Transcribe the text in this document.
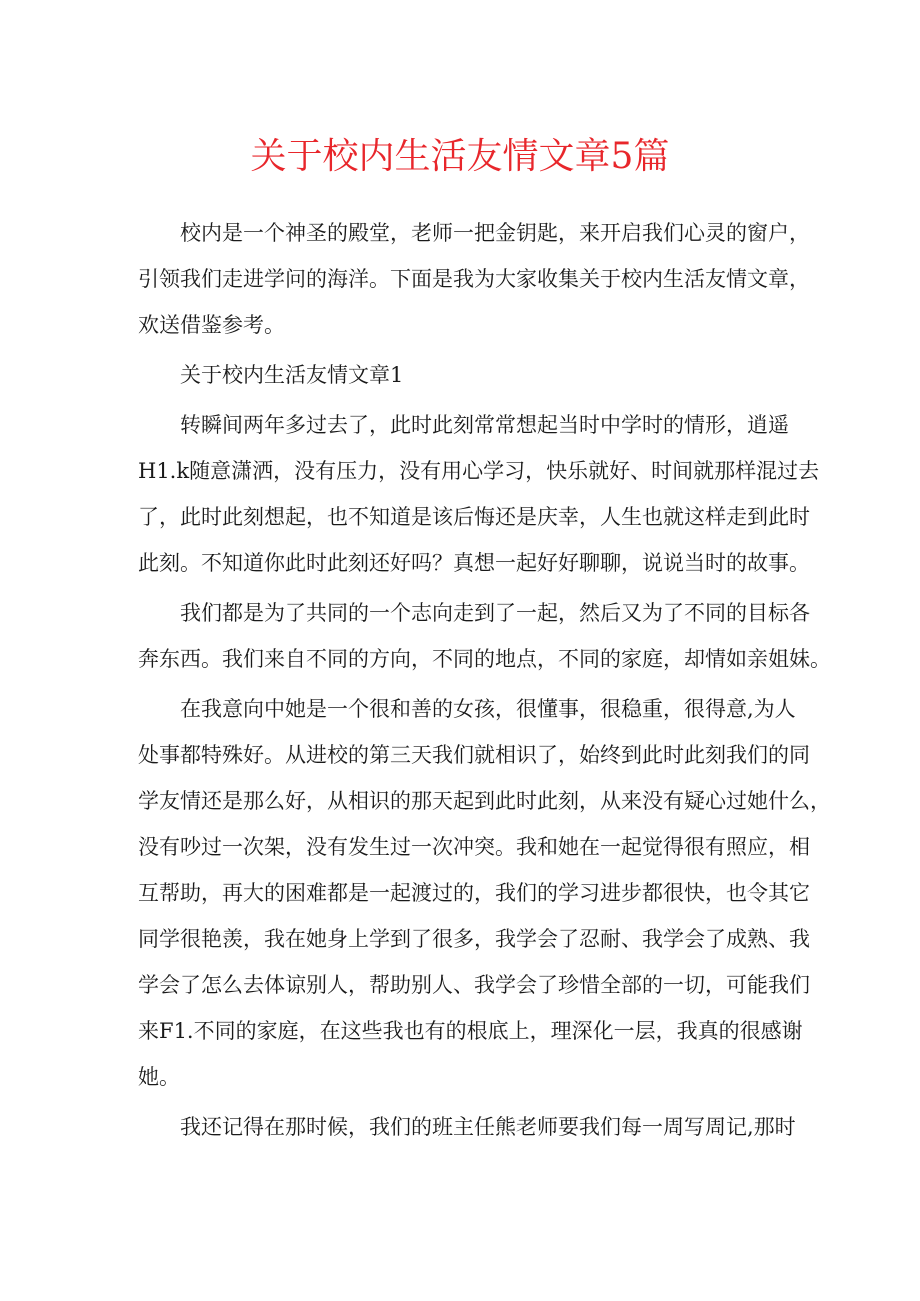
关于校内生活友情文章5篇
校内是一个神圣的殿堂，老师一把金钥匙，来开启我们心灵的窗户，
引领我们走进学问的海洋。下面是我为大家收集关于校内生活友情文章，
欢送借鉴参考。
关于校内生活友情文章1
转瞬间两年多过去了，此时此刻常常想起当时中学时的情形，逍遥
H1.k随意潇洒，没有压力，没有用心学习，快乐就好、时间就那样混过去
了，此时此刻想起，也不知道是该后悔还是庆幸，人生也就这样走到此时
此刻。不知道你此时此刻还好吗？真想一起好好聊聊，说说当时的故事。
我们都是为了共同的一个志向走到了一起，然后又为了不同的目标各
奔东西。我们来自不同的方向，不同的地点，不同的家庭，却情如亲姐妹。
在我意向中她是一个很和善的女孩，很懂事，很稳重，很得意,为人
处事都特殊好。从进校的第三天我们就相识了，始终到此时此刻我们的同
学友情还是那么好，从相识的那天起到此时此刻，从来没有疑心过她什么，
没有吵过一次架，没有发生过一次冲突。我和她在一起觉得很有照应，相
互帮助，再大的困难都是一起渡过的，我们的学习进步都很快，也令其它
同学很艳羡，我在她身上学到了很多，我学会了忍耐、我学会了成熟、我
学会了怎么去体谅别人，帮助别人、我学会了珍惜全部的一切，可能我们
来F1.不同的家庭，在这些我也有的根底上，理深化一层，我真的很感谢
她。
我还记得在那时候，我们的班主任熊老师要我们每一周写周记,那时
